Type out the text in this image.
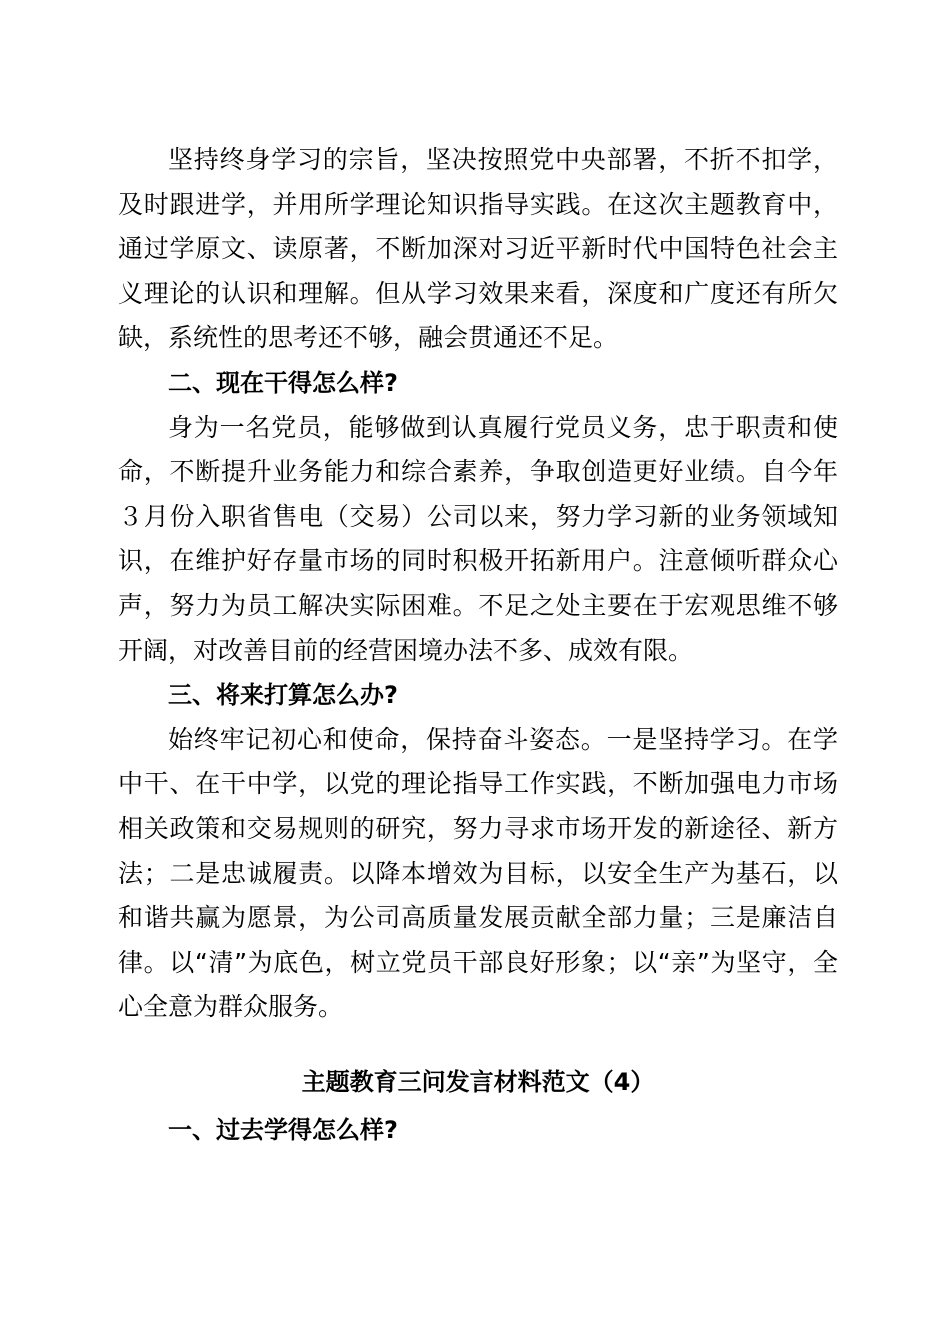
坚持终身学习的宗旨，坚决按照党中央部署，不折不扣学，及时跟进学，并用所学理论知识指导实践。在这次主题教育中，通过学原文、读原著，不断加深对习近平新时代中国特色社会主义理论的认识和理解。但从学习效果来看，深度和广度还有所欠缺，系统性的思考还不够，融会贯通还不足。

二、现在干得怎么样?

身为一名党员，能够做到认真履行党员义务，忠于职责和使命，不断提升业务能力和综合素养，争取创造更好业绩。自今年３月份入职省售电（交易）公司以来，努力学习新的业务领域知识，在维护好存量市场的同时积极开拓新用户。注意倾听群众心声，努力为员工解决实际困难。不足之处主要在于宏观思维不够开阔，对改善目前的经营困境办法不多、成效有限。

三、将来打算怎么办?

始终牢记初心和使命，保持奋斗姿态。一是坚持学习。在学中干、在干中学，以党的理论指导工作实践，不断加强电力市场相关政策和交易规则的研究，努力寻求市场开发的新途径、新方法；二是忠诚履责。以降本增效为目标，以安全生产为基石，以和谐共赢为愿景，为公司高质量发展贡献全部力量；三是廉洁自律。以“清”为底色，树立党员干部良好形象；以“亲”为坚守，全心全意为群众服务。

主题教育三问发言材料范文（4）

一、过去学得怎么样?
